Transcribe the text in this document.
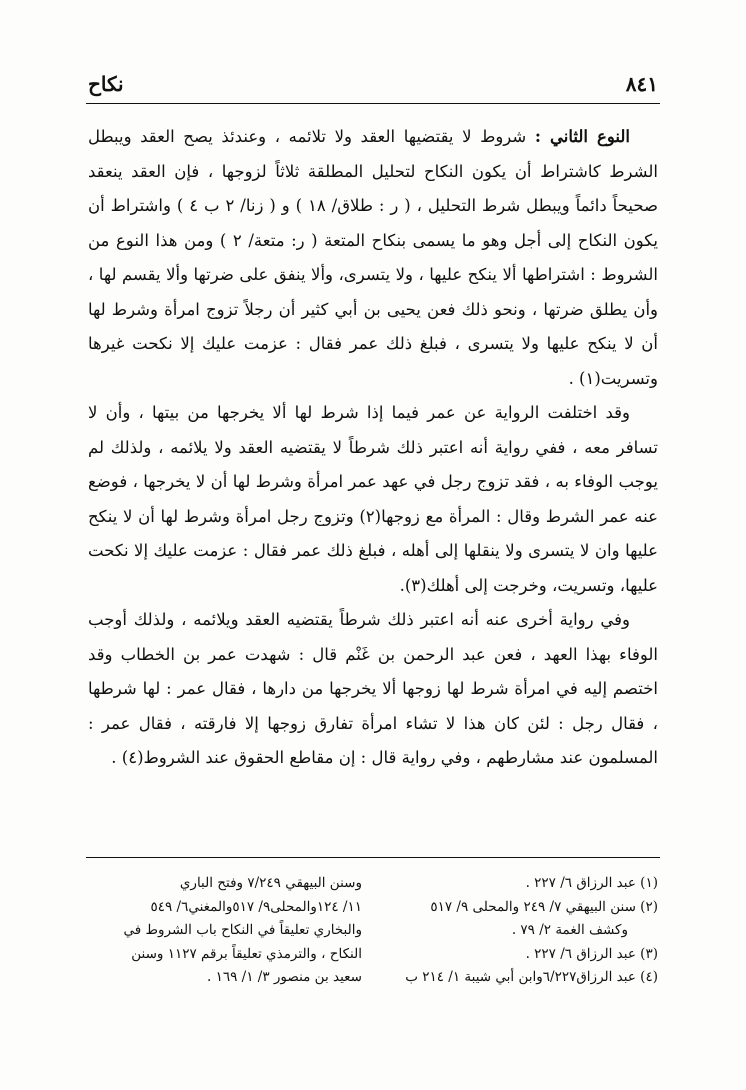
٨٤١
نكاح

النوع الثاني : شروط لا يقتضيها العقد ولا تلائمه ، وعندئذ يصح العقد ويبطل الشرط كاشتراط أن يكون النكاح لتحليل المطلقة ثلاثاً لزوجها ، فإن العقد ينعقد صحيحاً دائماً ويبطل شرط التحليل ، ( ر : طلاق/ ١٨ ) و ( زنا/ ٢ ب ٤ ) واشتراط أن يكون النكاح إلى أجل وهو ما يسمى بنكاح المتعة ( ر: متعة/ ٢ ) ومن هذا النوع من الشروط : اشتراطها ألا ينكح عليها ، ولا يتسرى، وألا ينفق على ضرتها وألا يقسم لها ، وأن يطلق ضرتها ، ونحو ذلك فعن يحيى بن أبي كثير أن رجلاً تزوج امرأة وشرط لها أن لا ينكح عليها ولا يتسرى ، فبلغ ذلك عمر فقال : عزمت عليك إلا نكحت غيرها وتسريت(١) .

وقد اختلفت الرواية عن عمر فيما إذا شرط لها ألا يخرجها من بيتها ، وأن لا تسافر معه ، ففي رواية أنه اعتبر ذلك شرطاً لا يقتضيه العقد ولا يلائمه ، ولذلك لم يوجب الوفاء به ، فقد تزوج رجل في عهد عمر امرأة وشرط لها أن لا يخرجها ، فوضع عنه عمر الشرط وقال : المرأة مع زوجها(٢) وتزوج رجل امرأة وشرط لها أن لا ينكح عليها وان لا يتسرى ولا ينقلها إلى أهله ، فبلغ ذلك عمر فقال : عزمت عليك إلا نكحت عليها، وتسريت، وخرجت إلى أهلك(٣).

وفي رواية أخرى عنه أنه اعتبر ذلك شرطاً يقتضيه العقد ويلائمه ، ولذلك أوجب الوفاء بهذا العهد ، فعن عبد الرحمن بن غَنْم قال : شهدت عمر بن الخطاب وقد اختصم إليه في امرأة شرط لها زوجها ألا يخرجها من دارها ، فقال عمر : لها شرطها ، فقال رجل : لئن كان هذا لا تشاء امرأة تفارق زوجها إلا فارقته ، فقال عمر : المسلمون عند مشارطهم ، وفي رواية قال : إن مقاطع الحقوق عند الشروط(٤) .

(١) عبد الرزاق ٦/ ٢٢٧ .
(٢) سنن البيهقي ٧/ ٢٤٩ والمحلى ٩/ ٥١٧
وكشف الغمة ٢/ ٧٩ .
(٣) عبد الرزاق ٦/ ٢٢٧ .
(٤) عبد الرزاق٦/٢٢٧وابن أبي شيبة ١/ ٢١٤ ب
وسنن البيهقي ٧/٢٤٩ وفتح الباري
١١/ ١٢٤والمحلى٩/ ٥١٧والمغني٦/ ٥٤٩
والبخاري تعليقاً في النكاح باب الشروط في
النكاح ، والترمذي تعليقاً برقم ١١٢٧ وسنن
سعيد بن منصور ٣/ ١/ ١٦٩ .
